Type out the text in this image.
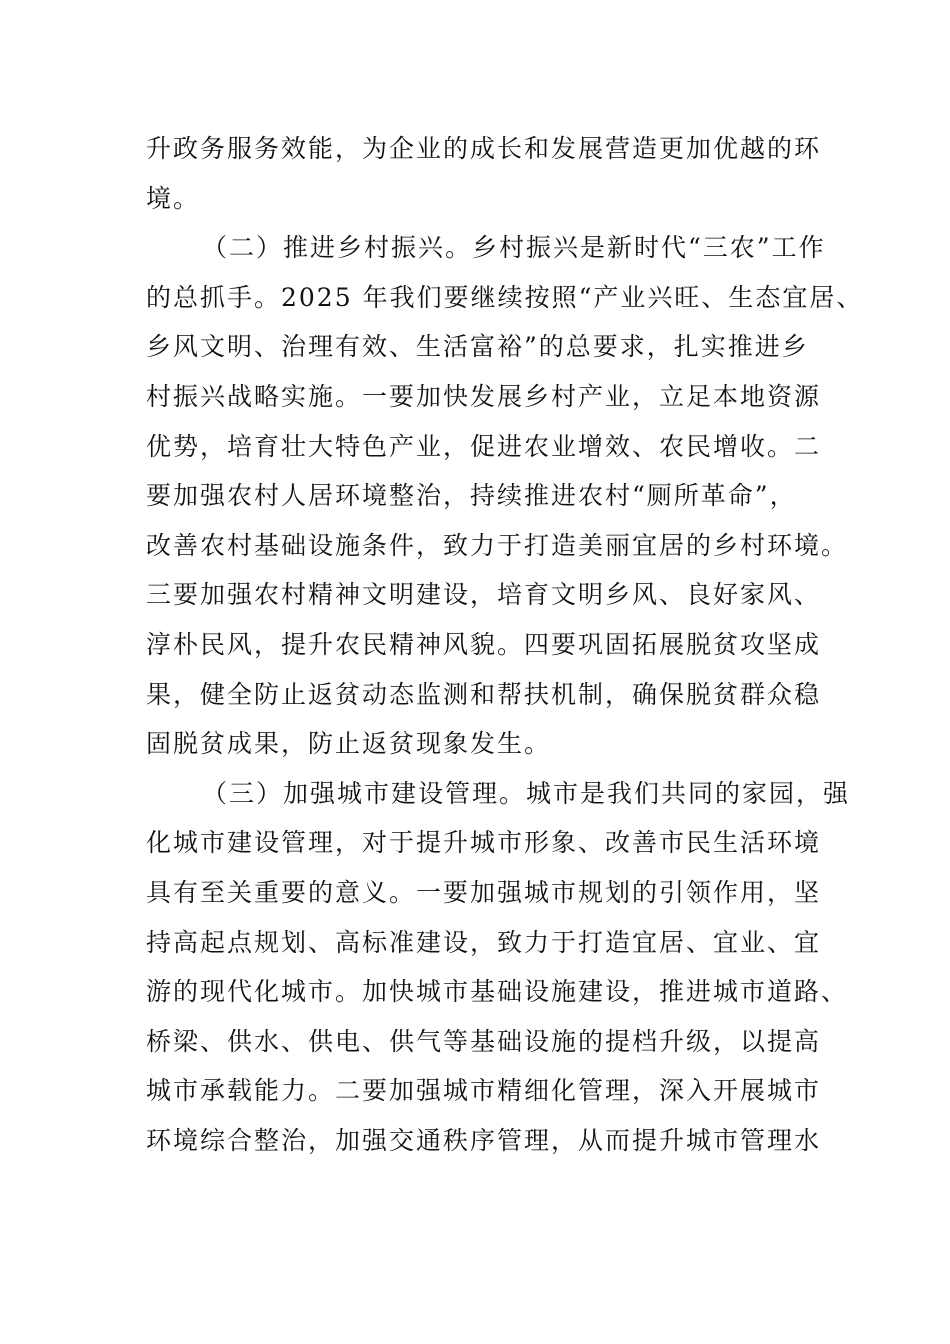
升政务服务效能，为企业的成长和发展营造更加优越的环
境。
（二）推进乡村振兴。乡村振兴是新时代“三农”工作
的总抓手。2025 年我们要继续按照“产业兴旺、生态宜居、
乡风文明、治理有效、生活富裕”的总要求，扎实推进乡
村振兴战略实施。一要加快发展乡村产业，立足本地资源
优势，培育壮大特色产业，促进农业增效、农民增收。二
要加强农村人居环境整治，持续推进农村“厕所革命”，
改善农村基础设施条件，致力于打造美丽宜居的乡村环境。
三要加强农村精神文明建设，培育文明乡风、良好家风、
淳朴民风，提升农民精神风貌。四要巩固拓展脱贫攻坚成
果，健全防止返贫动态监测和帮扶机制，确保脱贫群众稳
固脱贫成果，防止返贫现象发生。
（三）加强城市建设管理。城市是我们共同的家园，强
化城市建设管理，对于提升城市形象、改善市民生活环境
具有至关重要的意义。一要加强城市规划的引领作用，坚
持高起点规划、高标准建设，致力于打造宜居、宜业、宜
游的现代化城市。加快城市基础设施建设，推进城市道路、
桥梁、供水、供电、供气等基础设施的提档升级，以提高
城市承载能力。二要加强城市精细化管理，深入开展城市
环境综合整治，加强交通秩序管理，从而提升城市管理水
